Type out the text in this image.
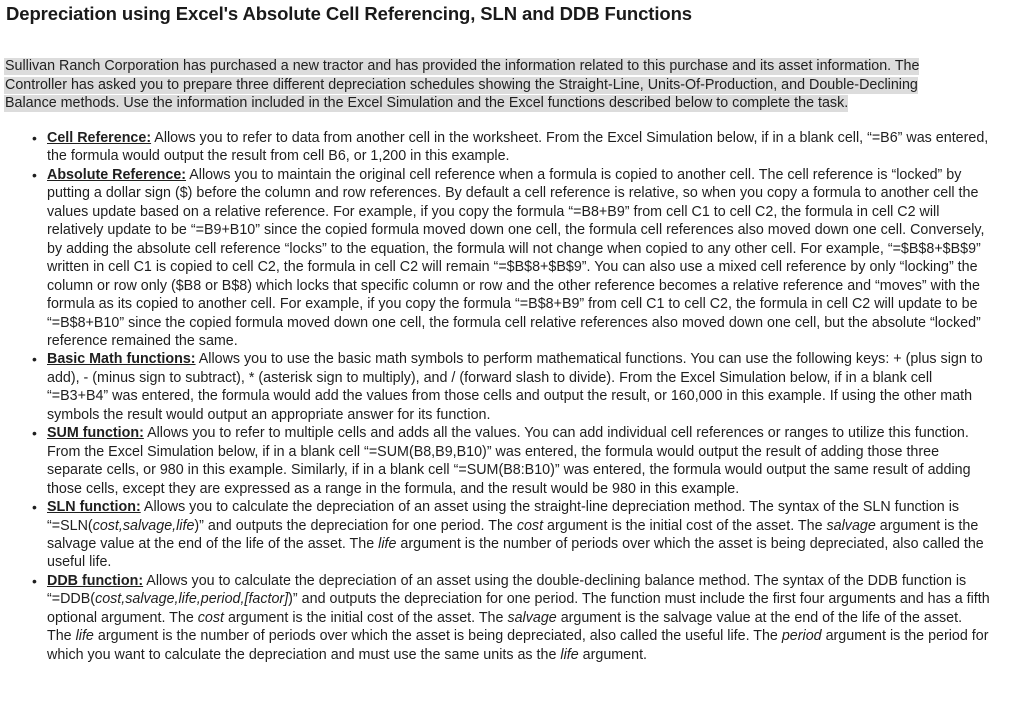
Depreciation using Excel's Absolute Cell Referencing, SLN and DDB Functions
Sullivan Ranch Corporation has purchased a new tractor and has provided the information related to this purchase and its asset information. The Controller has asked you to prepare three different depreciation schedules showing the Straight-Line, Units-Of-Production, and Double-Declining Balance methods. Use the information included in the Excel Simulation and the Excel functions described below to complete the task.
• Cell Reference: Allows you to refer to data from another cell in the worksheet. From the Excel Simulation below, if in a blank cell, “=B6” was entered, the formula would output the result from cell B6, or 1,200 in this example.
• Absolute Reference: Allows you to maintain the original cell reference when a formula is copied to another cell. The cell reference is “locked” by putting a dollar sign ($) before the column and row references. By default a cell reference is relative, so when you copy a formula to another cell the values update based on a relative reference. For example, if you copy the formula “=B8+B9” from cell C1 to cell C2, the formula in cell C2 will relatively update to be “=B9+B10” since the copied formula moved down one cell, the formula cell references also moved down one cell. Conversely, by adding the absolute cell reference “locks” to the equation, the formula will not change when copied to any other cell. For example, “=$B$8+$B$9” written in cell C1 is copied to cell C2, the formula in cell C2 will remain “=$B$8+$B$9”. You can also use a mixed cell reference by only “locking” the column or row only ($B8 or B$8) which locks that specific column or row and the other reference becomes a relative reference and “moves” with the formula as its copied to another cell. For example, if you copy the formula “=B$8+B9” from cell C1 to cell C2, the formula in cell C2 will update to be “=B$8+B10” since the copied formula moved down one cell, the formula cell relative references also moved down one cell, but the absolute “locked” reference remained the same.
• Basic Math functions: Allows you to use the basic math symbols to perform mathematical functions. You can use the following keys: + (plus sign to add), - (minus sign to subtract), * (asterisk sign to multiply), and / (forward slash to divide). From the Excel Simulation below, if in a blank cell “=B3+B4” was entered, the formula would add the values from those cells and output the result, or 160,000 in this example. If using the other math symbols the result would output an appropriate answer for its function.
• SUM function: Allows you to refer to multiple cells and adds all the values. You can add individual cell references or ranges to utilize this function. From the Excel Simulation below, if in a blank cell “=SUM(B8,B9,B10)” was entered, the formula would output the result of adding those three separate cells, or 980 in this example. Similarly, if in a blank cell “=SUM(B8:B10)” was entered, the formula would output the same result of adding those cells, except they are expressed as a range in the formula, and the result would be 980 in this example.
• SLN function: Allows you to calculate the depreciation of an asset using the straight-line depreciation method. The syntax of the SLN function is “=SLN(cost,salvage,life)” and outputs the depreciation for one period. The cost argument is the initial cost of the asset. The salvage argument is the salvage value at the end of the life of the asset. The life argument is the number of periods over which the asset is being depreciated, also called the useful life.
• DDB function: Allows you to calculate the depreciation of an asset using the double-declining balance method. The syntax of the DDB function is “=DDB(cost,salvage,life,period,[factor])” and outputs the depreciation for one period. The function must include the first four arguments and has a fifth optional argument. The cost argument is the initial cost of the asset. The salvage argument is the salvage value at the end of the life of the asset. The life argument is the number of periods over which the asset is being depreciated, also called the useful life. The period argument is the period for which you want to calculate the depreciation and must use the same units as the life argument.
